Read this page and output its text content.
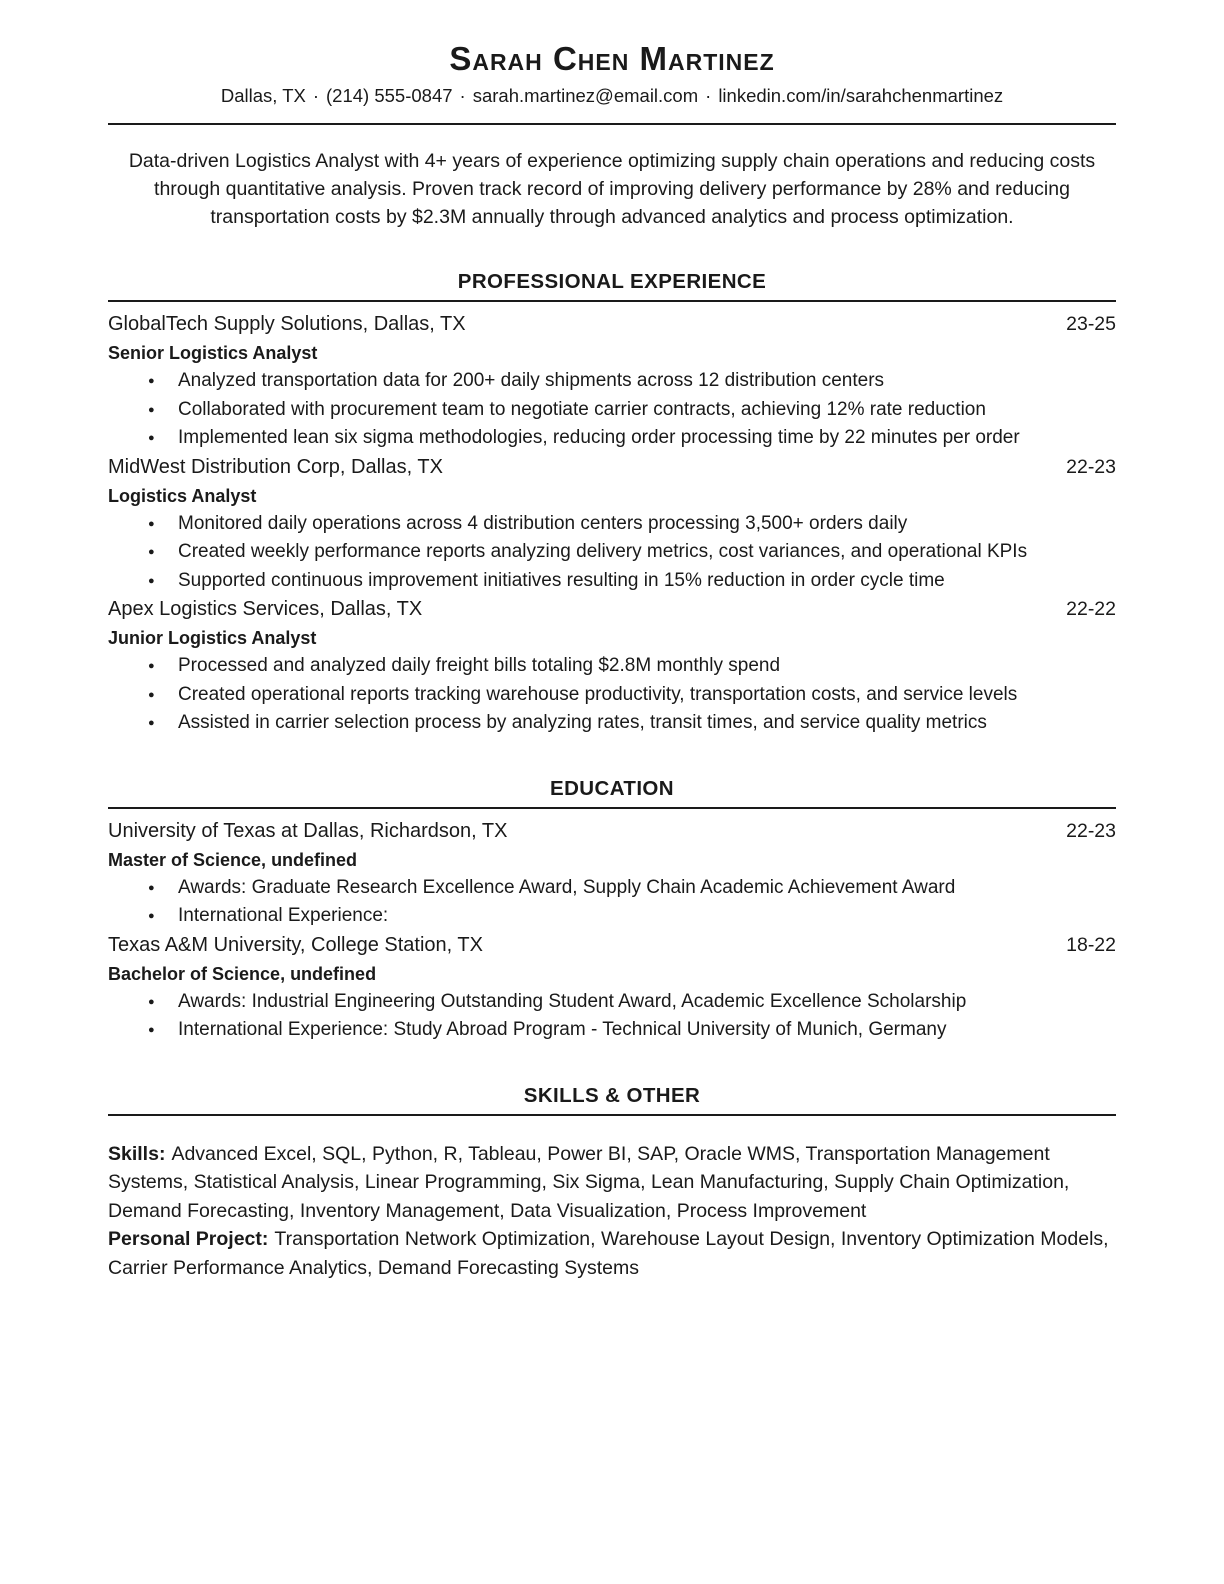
Sarah Chen Martinez
Dallas, TX · (214) 555-0847 · sarah.martinez@email.com · linkedin.com/in/sarahchenmartinez

Data-driven Logistics Analyst with 4+ years of experience optimizing supply chain operations and reducing costs through quantitative analysis. Proven track record of improving delivery performance by 28% and reducing transportation costs by $2.3M annually through advanced analytics and process optimization.

PROFESSIONAL EXPERIENCE
GlobalTech Supply Solutions, Dallas, TX	23-25
Senior Logistics Analyst
● Analyzed transportation data for 200+ daily shipments across 12 distribution centers
● Collaborated with procurement team to negotiate carrier contracts, achieving 12% rate reduction
● Implemented lean six sigma methodologies, reducing order processing time by 22 minutes per order
MidWest Distribution Corp, Dallas, TX	22-23
Logistics Analyst
● Monitored daily operations across 4 distribution centers processing 3,500+ orders daily
● Created weekly performance reports analyzing delivery metrics, cost variances, and operational KPIs
● Supported continuous improvement initiatives resulting in 15% reduction in order cycle time
Apex Logistics Services, Dallas, TX	22-22
Junior Logistics Analyst
● Processed and analyzed daily freight bills totaling $2.8M monthly spend
● Created operational reports tracking warehouse productivity, transportation costs, and service levels
● Assisted in carrier selection process by analyzing rates, transit times, and service quality metrics
EDUCATION
University of Texas at Dallas, Richardson, TX	22-23
Master of Science, undefined
● Awards: Graduate Research Excellence Award, Supply Chain Academic Achievement Award
● International Experience:
Texas A&M University, College Station, TX	18-22
Bachelor of Science, undefined
● Awards: Industrial Engineering Outstanding Student Award, Academic Excellence Scholarship
● International Experience: Study Abroad Program - Technical University of Munich, Germany
SKILLS & OTHER

Skills: Advanced Excel, SQL, Python, R, Tableau, Power BI, SAP, Oracle WMS, Transportation Management Systems, Statistical Analysis, Linear Programming, Six Sigma, Lean Manufacturing, Supply Chain Optimization, Demand Forecasting, Inventory Management, Data Visualization, Process Improvement

Personal Project: Transportation Network Optimization, Warehouse Layout Design, Inventory Optimization Models, Carrier Performance Analytics, Demand Forecasting Systems
